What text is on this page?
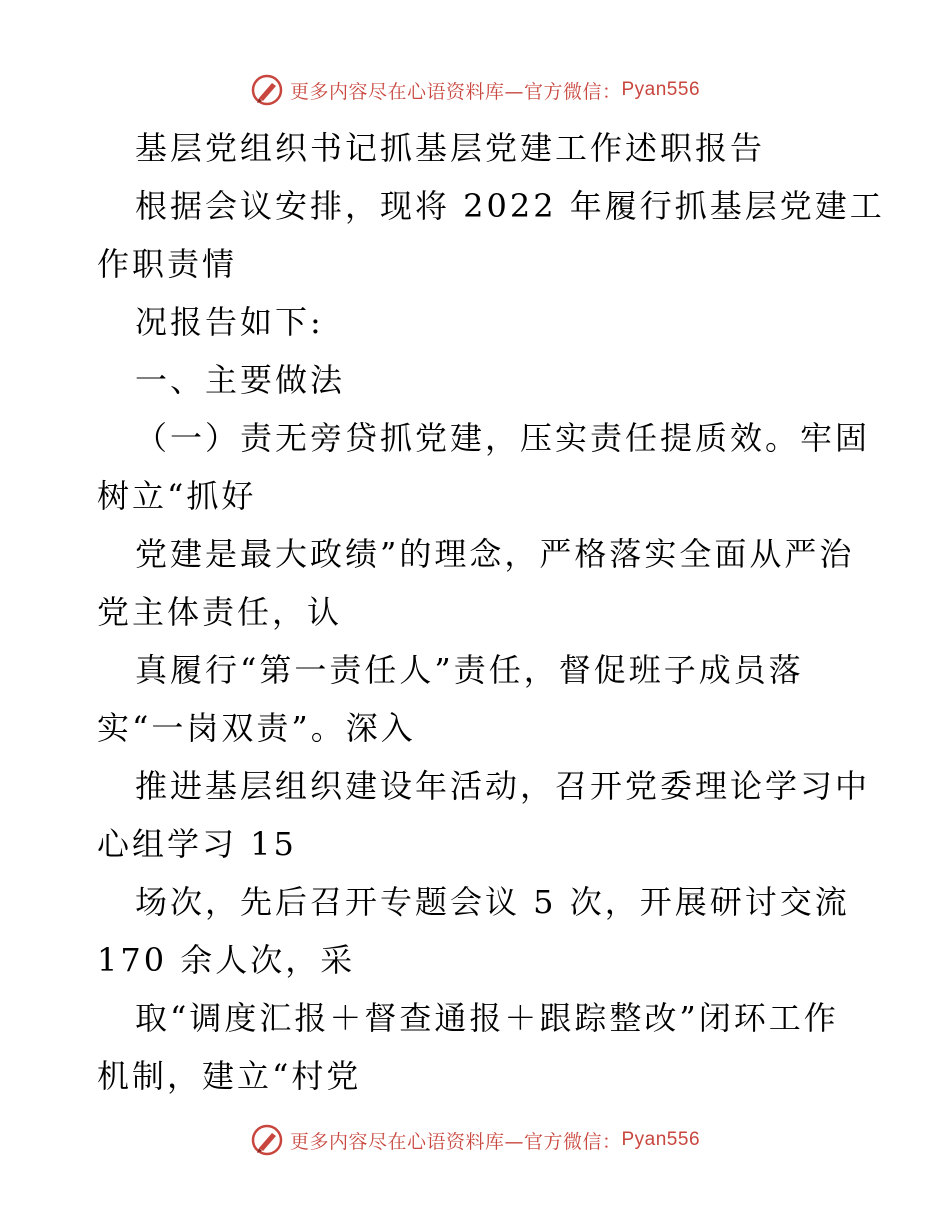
更多内容尽在心语资料库—官方微信： Pyan556
基层党组织书记抓基层党建工作述职报告
根据会议安排，现将 2022 年履行抓基层党建工
作职责情
况报告如下:
一、主要做法
（一）责无旁贷抓党建，压实责任提质效。牢固
树立“抓好
党建是最大政绩”的理念，严格落实全面从严治
党主体责任，认
真履行“第一责任人”责任，督促班子成员落
实“一岗双责”。深入
推进基层组织建设年活动，召开党委理论学习中
心组学习 15
场次，先后召开专题会议 5 次，开展研讨交流
170 余人次，采
取“调度汇报＋督查通报＋跟踪整改”闭环工作
机制，建立“村党
更多内容尽在心语资料库—官方微信： Pyan556
